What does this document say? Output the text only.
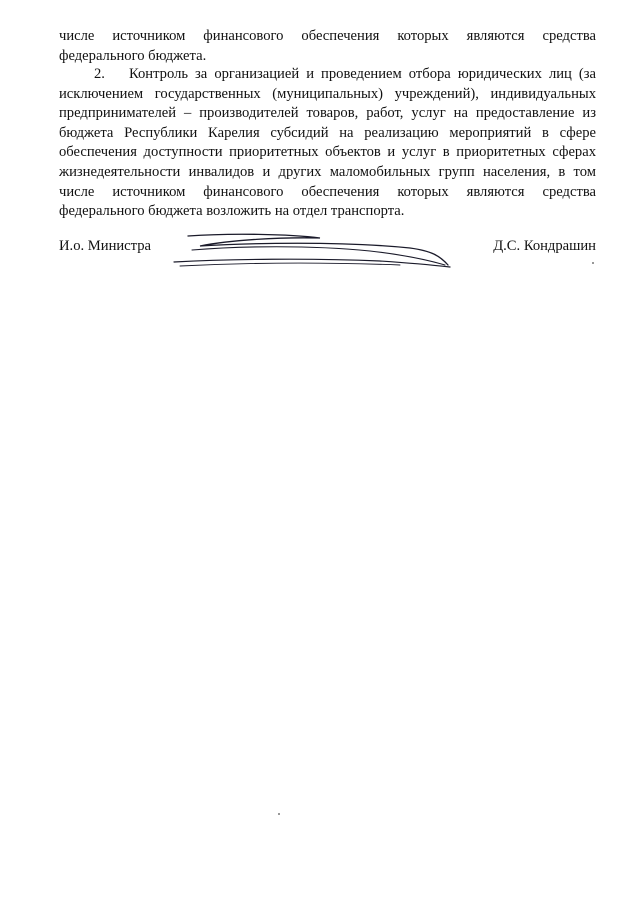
числе источником финансового обеспечения которых являются средства федерального бюджета.

2. Контроль за организацией и проведением отбора юридических лиц (за исключением государственных (муниципальных) учреждений), индивидуальных предпринимателей – производителей товаров, работ, услуг на предоставление из бюджета Республики Карелия субсидий на реализацию мероприятий в сфере обеспечения доступности приоритетных объектов и услуг в приоритетных сферах жизнедеятельности инвалидов и других маломобильных групп населения, в том числе источником финансового обеспечения которых являются средства федерального бюджета возложить на отдел транспорта.

И.о. Министра	Д.С. Кондрашин
